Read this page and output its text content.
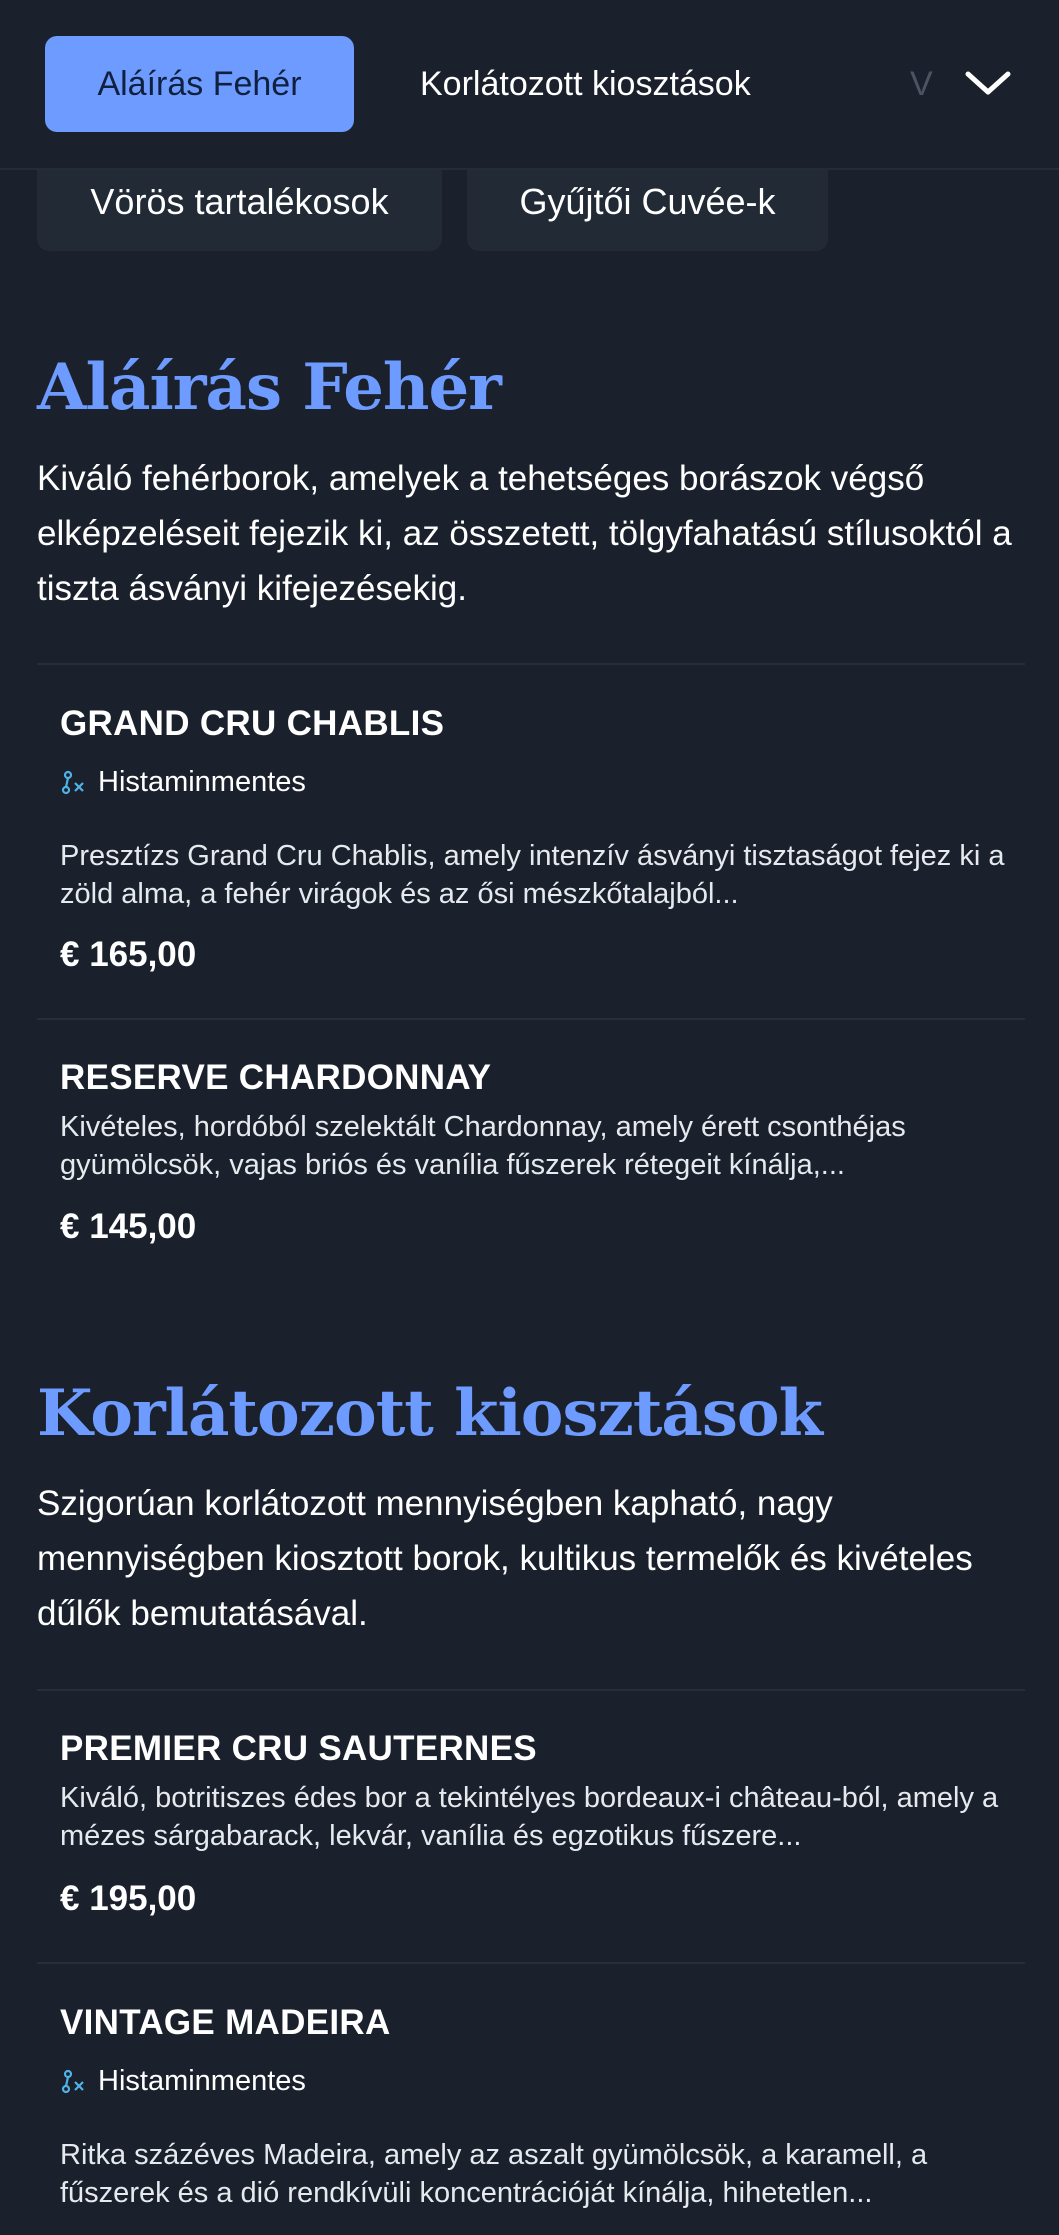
Vörös tartalékosok	Gyűjtői Cuvée-k
Aláírás Fehér	Korlátozott kiosztások	V
Aláírás Fehér
Kiváló fehérborok, amelyek a tehetséges borászok végső elképzeléseit fejezik ki, az összetett, tölgyfahatású stílusoktól a tiszta ásványi kifejezésekig.
GRAND CRU CHABLIS
Histaminmentes
Presztízs Grand Cru Chablis, amely intenzív ásványi tisztaságot fejez ki a zöld alma, a fehér virágok és az ősi mészkőtalajból...
€ 165,00
RESERVE CHARDONNAY
Kivételes, hordóból szelektált Chardonnay, amely érett csonthéjas gyümölcsök, vajas briós és vanília fűszerek rétegeit kínálja,...
€ 145,00
Korlátozott kiosztások
Szigorúan korlátozott mennyiségben kapható, nagy mennyiségben kiosztott borok, kultikus termelők és kivételes dűlők bemutatásával.
PREMIER CRU SAUTERNES
Kiváló, botritiszes édes bor a tekintélyes bordeaux-i château-ból, amely a mézes sárgabarack, lekvár, vanília és egzotikus fűszere...
€ 195,00
VINTAGE MADEIRA
Histaminmentes
Ritka százéves Madeira, amely az aszalt gyümölcsök, a karamell, a fűszerek és a dió rendkívüli koncentrációját kínálja, hihetetlen...
